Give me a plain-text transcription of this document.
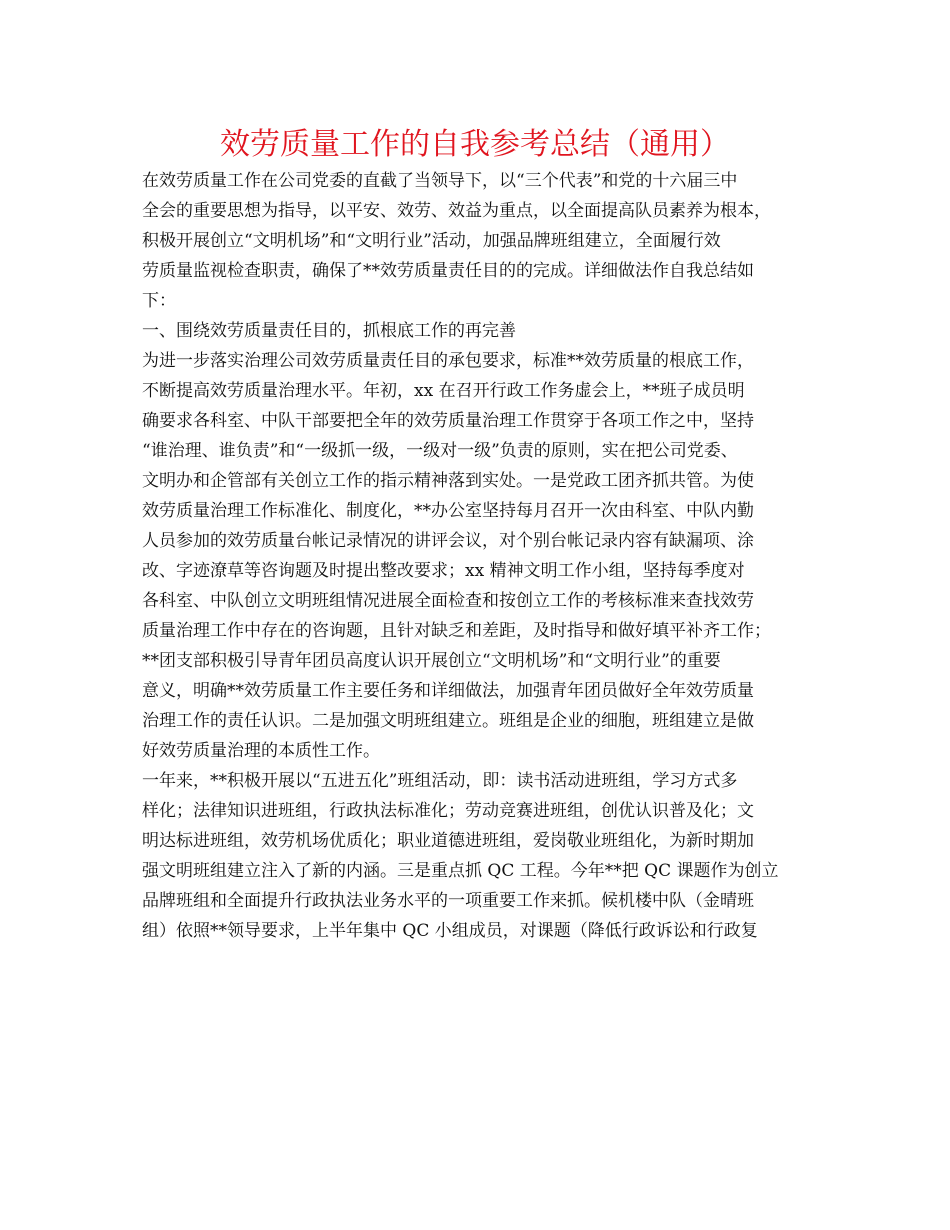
效劳质量工作的自我参考总结（通用）
在效劳质量工作在公司党委的直截了当领导下，以“三个代表”和党的十六届三中
全会的重要思想为指导，以平安、效劳、效益为重点，以全面提高队员素养为根本，
积极开展创立“文明机场”和“文明行业”活动，加强品牌班组建立，全面履行效
劳质量监视检查职责，确保了**效劳质量责任目的的完成。详细做法作自我总结如
下：
一、围绕效劳质量责任目的，抓根底工作的再完善
为进一步落实治理公司效劳质量责任目的承包要求，标准**效劳质量的根底工作，
不断提高效劳质量治理水平。年初，xx 在召开行政工作务虚会上，**班子成员明
确要求各科室、中队干部要把全年的效劳质量治理工作贯穿于各项工作之中，坚持
“谁治理、谁负责”和“一级抓一级，一级对一级”负责的原则，实在把公司党委、
文明办和企管部有关创立工作的指示精神落到实处。一是党政工团齐抓共管。为使
效劳质量治理工作标准化、制度化，**办公室坚持每月召开一次由科室、中队内勤
人员参加的效劳质量台帐记录情况的讲评会议，对个别台帐记录内容有缺漏项、涂
改、字迹潦草等咨询题及时提出整改要求；xx 精神文明工作小组，坚持每季度对
各科室、中队创立文明班组情况进展全面检查和按创立工作的考核标准来查找效劳
质量治理工作中存在的咨询题，且针对缺乏和差距，及时指导和做好填平补齐工作；
**团支部积极引导青年团员高度认识开展创立“文明机场”和“文明行业”的重要
意义，明确**效劳质量工作主要任务和详细做法，加强青年团员做好全年效劳质量
治理工作的责任认识。二是加强文明班组建立。班组是企业的细胞，班组建立是做
好效劳质量治理的本质性工作。
一年来，**积极开展以“五进五化”班组活动，即：读书活动进班组，学习方式多
样化；法律知识进班组，行政执法标准化；劳动竞赛进班组，创优认识普及化；文
明达标进班组，效劳机场优质化；职业道德进班组，爱岗敬业班组化，为新时期加
强文明班组建立注入了新的内涵。三是重点抓 QC 工程。今年**把 QC 课题作为创立
品牌班组和全面提升行政执法业务水平的一项重要工作来抓。候机楼中队（金晴班
组）依照**领导要求，上半年集中 QC 小组成员，对课题（降低行政诉讼和行政复
